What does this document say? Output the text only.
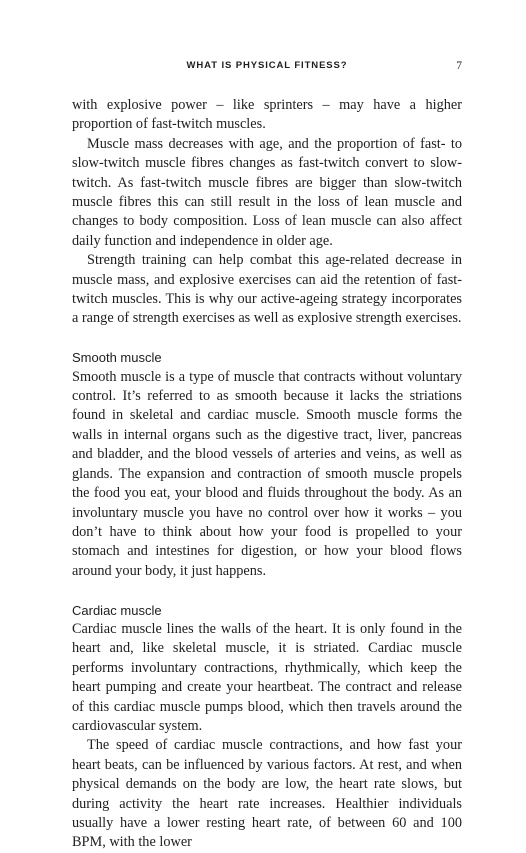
WHAT IS PHYSICAL FITNESS?	7

with explosive power – like sprinters – may have a higher proportion of fast-twitch muscles.

Muscle mass decreases with age, and the proportion of fast- to slow-twitch muscle fibres changes as fast-twitch convert to slow-twitch. As fast-twitch muscle fibres are bigger than slow-twitch muscle fibres this can still result in the loss of lean muscle and changes to body composition. Loss of lean muscle can also affect daily function and independence in older age.

Strength training can help combat this age-related decrease in muscle mass, and explosive exercises can aid the retention of fast-twitch muscles. This is why our active-ageing strategy incorporates a range of strength exercises as well as explosive strength exercises.

Smooth muscle

Smooth muscle is a type of muscle that contracts without voluntary control. It’s referred to as smooth because it lacks the striations found in skeletal and cardiac muscle. Smooth muscle forms the walls in internal organs such as the digestive tract, liver, pancreas and bladder, and the blood vessels of arteries and veins, as well as glands. The expansion and contraction of smooth muscle propels the food you eat, your blood and fluids throughout the body. As an involuntary muscle you have no control over how it works – you don’t have to think about how your food is propelled to your stomach and intestines for digestion, or how your blood flows around your body, it just happens.

Cardiac muscle

Cardiac muscle lines the walls of the heart. It is only found in the heart and, like skeletal muscle, it is striated. Cardiac muscle performs involuntary contractions, rhythmically, which keep the heart pumping and create your heartbeat. The contract and release of this cardiac muscle pumps blood, which then travels around the cardiovascular system.

The speed of cardiac muscle contractions, and how fast your heart beats, can be influenced by various factors. At rest, and when physical demands on the body are low, the heart rate slows, but during activity the heart rate increases. Healthier individuals usually have a lower resting heart rate, of between 60 and 100 BPM, with the lower
